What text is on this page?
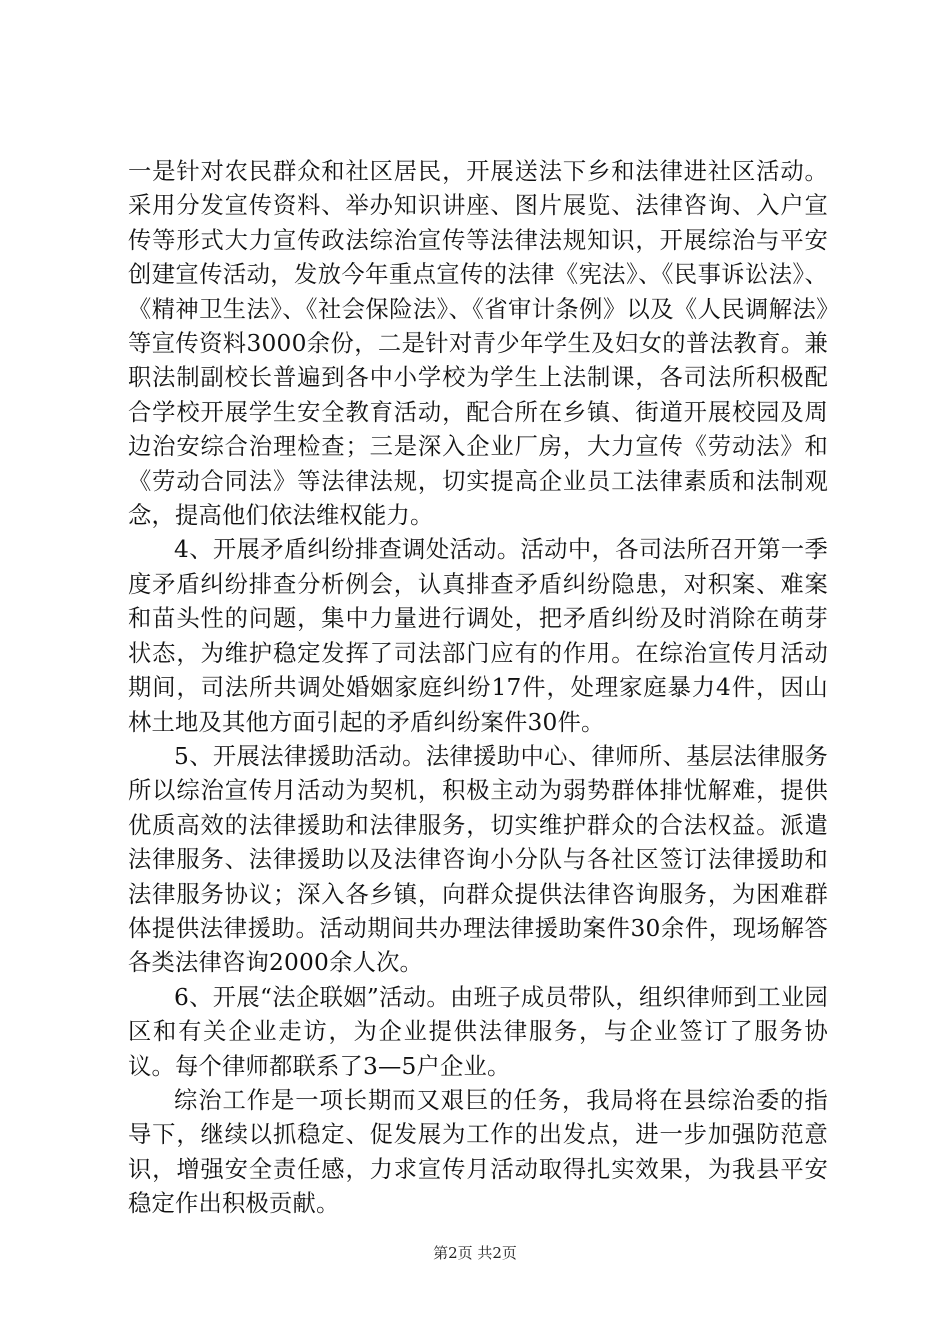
一是针对农民群众和社区居民，开展送法下乡和法律进社区活动。采用分发宣传资料、举办知识讲座、图片展览、法律咨询、入户宣传等形式大力宣传政法综治宣传等法律法规知识，开展综治与平安创建宣传活动，发放今年重点宣传的法律《宪法》、《民事诉讼法》、《精神卫生法》、《社会保险法》、《省审计条例》以及《人民调解法》等宣传资料3000余份，二是针对青少年学生及妇女的普法教育。兼职法制副校长普遍到各中小学校为学生上法制课，各司法所积极配合学校开展学生安全教育活动，配合所在乡镇、街道开展校园及周边治安综合治理检查；三是深入企业厂房，大力宣传《劳动法》和《劳动合同法》等法律法规，切实提高企业员工法律素质和法制观念，提高他们依法维权能力。

4、开展矛盾纠纷排查调处活动。活动中，各司法所召开第一季度矛盾纠纷排查分析例会，认真排查矛盾纠纷隐患，对积案、难案和苗头性的问题，集中力量进行调处，把矛盾纠纷及时消除在萌芽状态，为维护稳定发挥了司法部门应有的作用。在综治宣传月活动期间，司法所共调处婚姻家庭纠纷17件，处理家庭暴力4件，因山林土地及其他方面引起的矛盾纠纷案件30件。

5、开展法律援助活动。法律援助中心、律师所、基层法律服务所以综治宣传月活动为契机，积极主动为弱势群体排忧解难，提供优质高效的法律援助和法律服务，切实维护群众的合法权益。派遣法律服务、法律援助以及法律咨询小分队与各社区签订法律援助和法律服务协议；深入各乡镇，向群众提供法律咨询服务，为困难群体提供法律援助。活动期间共办理法律援助案件30余件，现场解答各类法律咨询2000余人次。

6、开展“法企联姻”活动。由班子成员带队，组织律师到工业园区和有关企业走访，为企业提供法律服务，与企业签订了服务协议。每个律师都联系了3—5户企业。

综治工作是一项长期而又艰巨的任务，我局将在县综治委的指导下，继续以抓稳定、促发展为工作的出发点，进一步加强防范意识，增强安全责任感，力求宣传月活动取得扎实效果，为我县平安稳定作出积极贡献。

第2页 共2页
